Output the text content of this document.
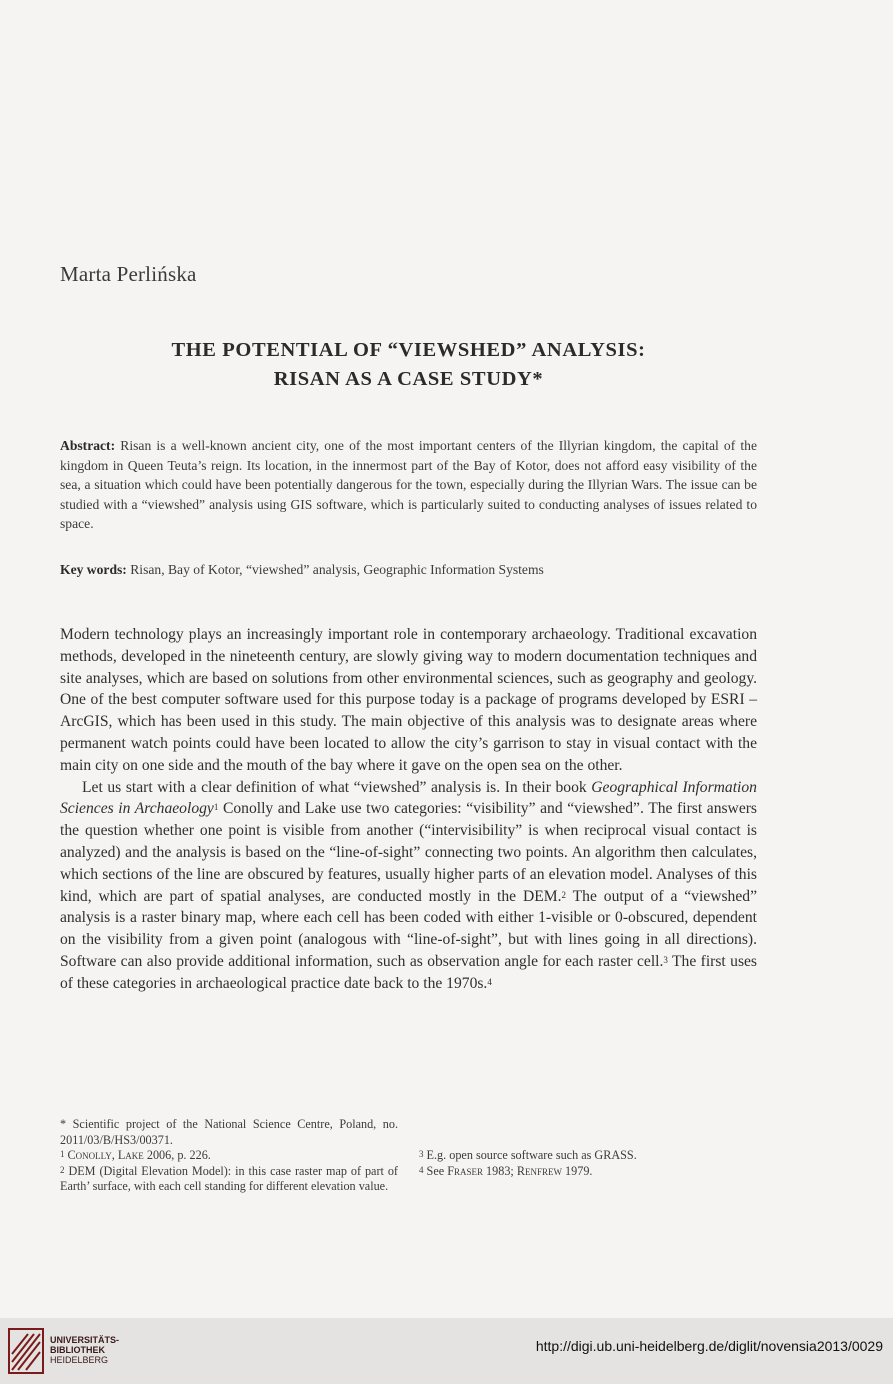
Marta Perlińska
THE POTENTIAL OF “VIEWSHED” ANALYSIS:
RISAN AS A CASE STUDY*
Abstract: Risan is a well-known ancient city, one of the most important centers of the Illyrian kingdom, the capital of the kingdom in Queen Teuta’s reign. Its location, in the innermost part of the Bay of Kotor, does not afford easy visibility of the sea, a situation which could have been potentially dangerous for the town, especially during the Illyrian Wars. The issue can be studied with a “viewshed” analysis using GIS software, which is particularly suited to conducting analyses of issues related to space.
Key words: Risan, Bay of Kotor, “viewshed” analysis, Geographic Information Systems

Modern technology plays an increasingly important role in contemporary archaeology. Traditional excavation methods, developed in the nineteenth century, are slowly giving way to modern documentation techniques and site analyses, which are based on solutions from other environmental sciences, such as geography and geology. One of the best computer software used for this purpose today is a package of programs developed by ESRI – ArcGIS, which has been used in this study. The main objective of this analysis was to designate areas where permanent watch points could have been located to allow the city’s garrison to stay in visual contact with the main city on one side and the mouth of the bay where it gave on the open sea on the other.

Let us start with a clear definition of what “viewshed” analysis is. In their book Geographical Information Sciences in Archaeology$^1$ Conolly and Lake use two categories: “visibility” and “viewshed”. The first answers the question whether one point is visible from another (“intervisibility” is when reciprocal visual contact is analyzed) and the analysis is based on the “line-of-sight” connecting two points. An algorithm then calculates, which sections of the line are obscured by features, usually higher parts of an elevation model. Analyses of this kind, which are part of spatial analyses, are conducted mostly in the DEM.$^2$ The output of a “viewshed” analysis is a raster binary map, where each cell has been coded with either 1-visible or 0-obscured, dependent on the visibility from a given point (analogous with “line-of-sight”, but with lines going in all directions). Software can also provide additional information, such as observation angle for each raster cell.$^3$ The first uses of these categories in archaeological practice date back to the 1970s.$^4$

* Scientific project of the National Science Centre, Poland, no. 2011/03/B/HS3/00371.

$^1$ Conolly, Lake 2006, p. 226.

$^2$ DEM (Digital Elevation Model): in this case raster map of part of Earth’ surface, with each cell standing for different elevation value.

$^3$ E.g. open source software such as GRASS.

$^4$ See Fraser 1983; Renfrew 1979.

UNIVERSITÄTS-
BIBLIOTHEK
HEIDELBERG
http://digi.ub.uni-heidelberg.de/diglit/novensia2013/0029
